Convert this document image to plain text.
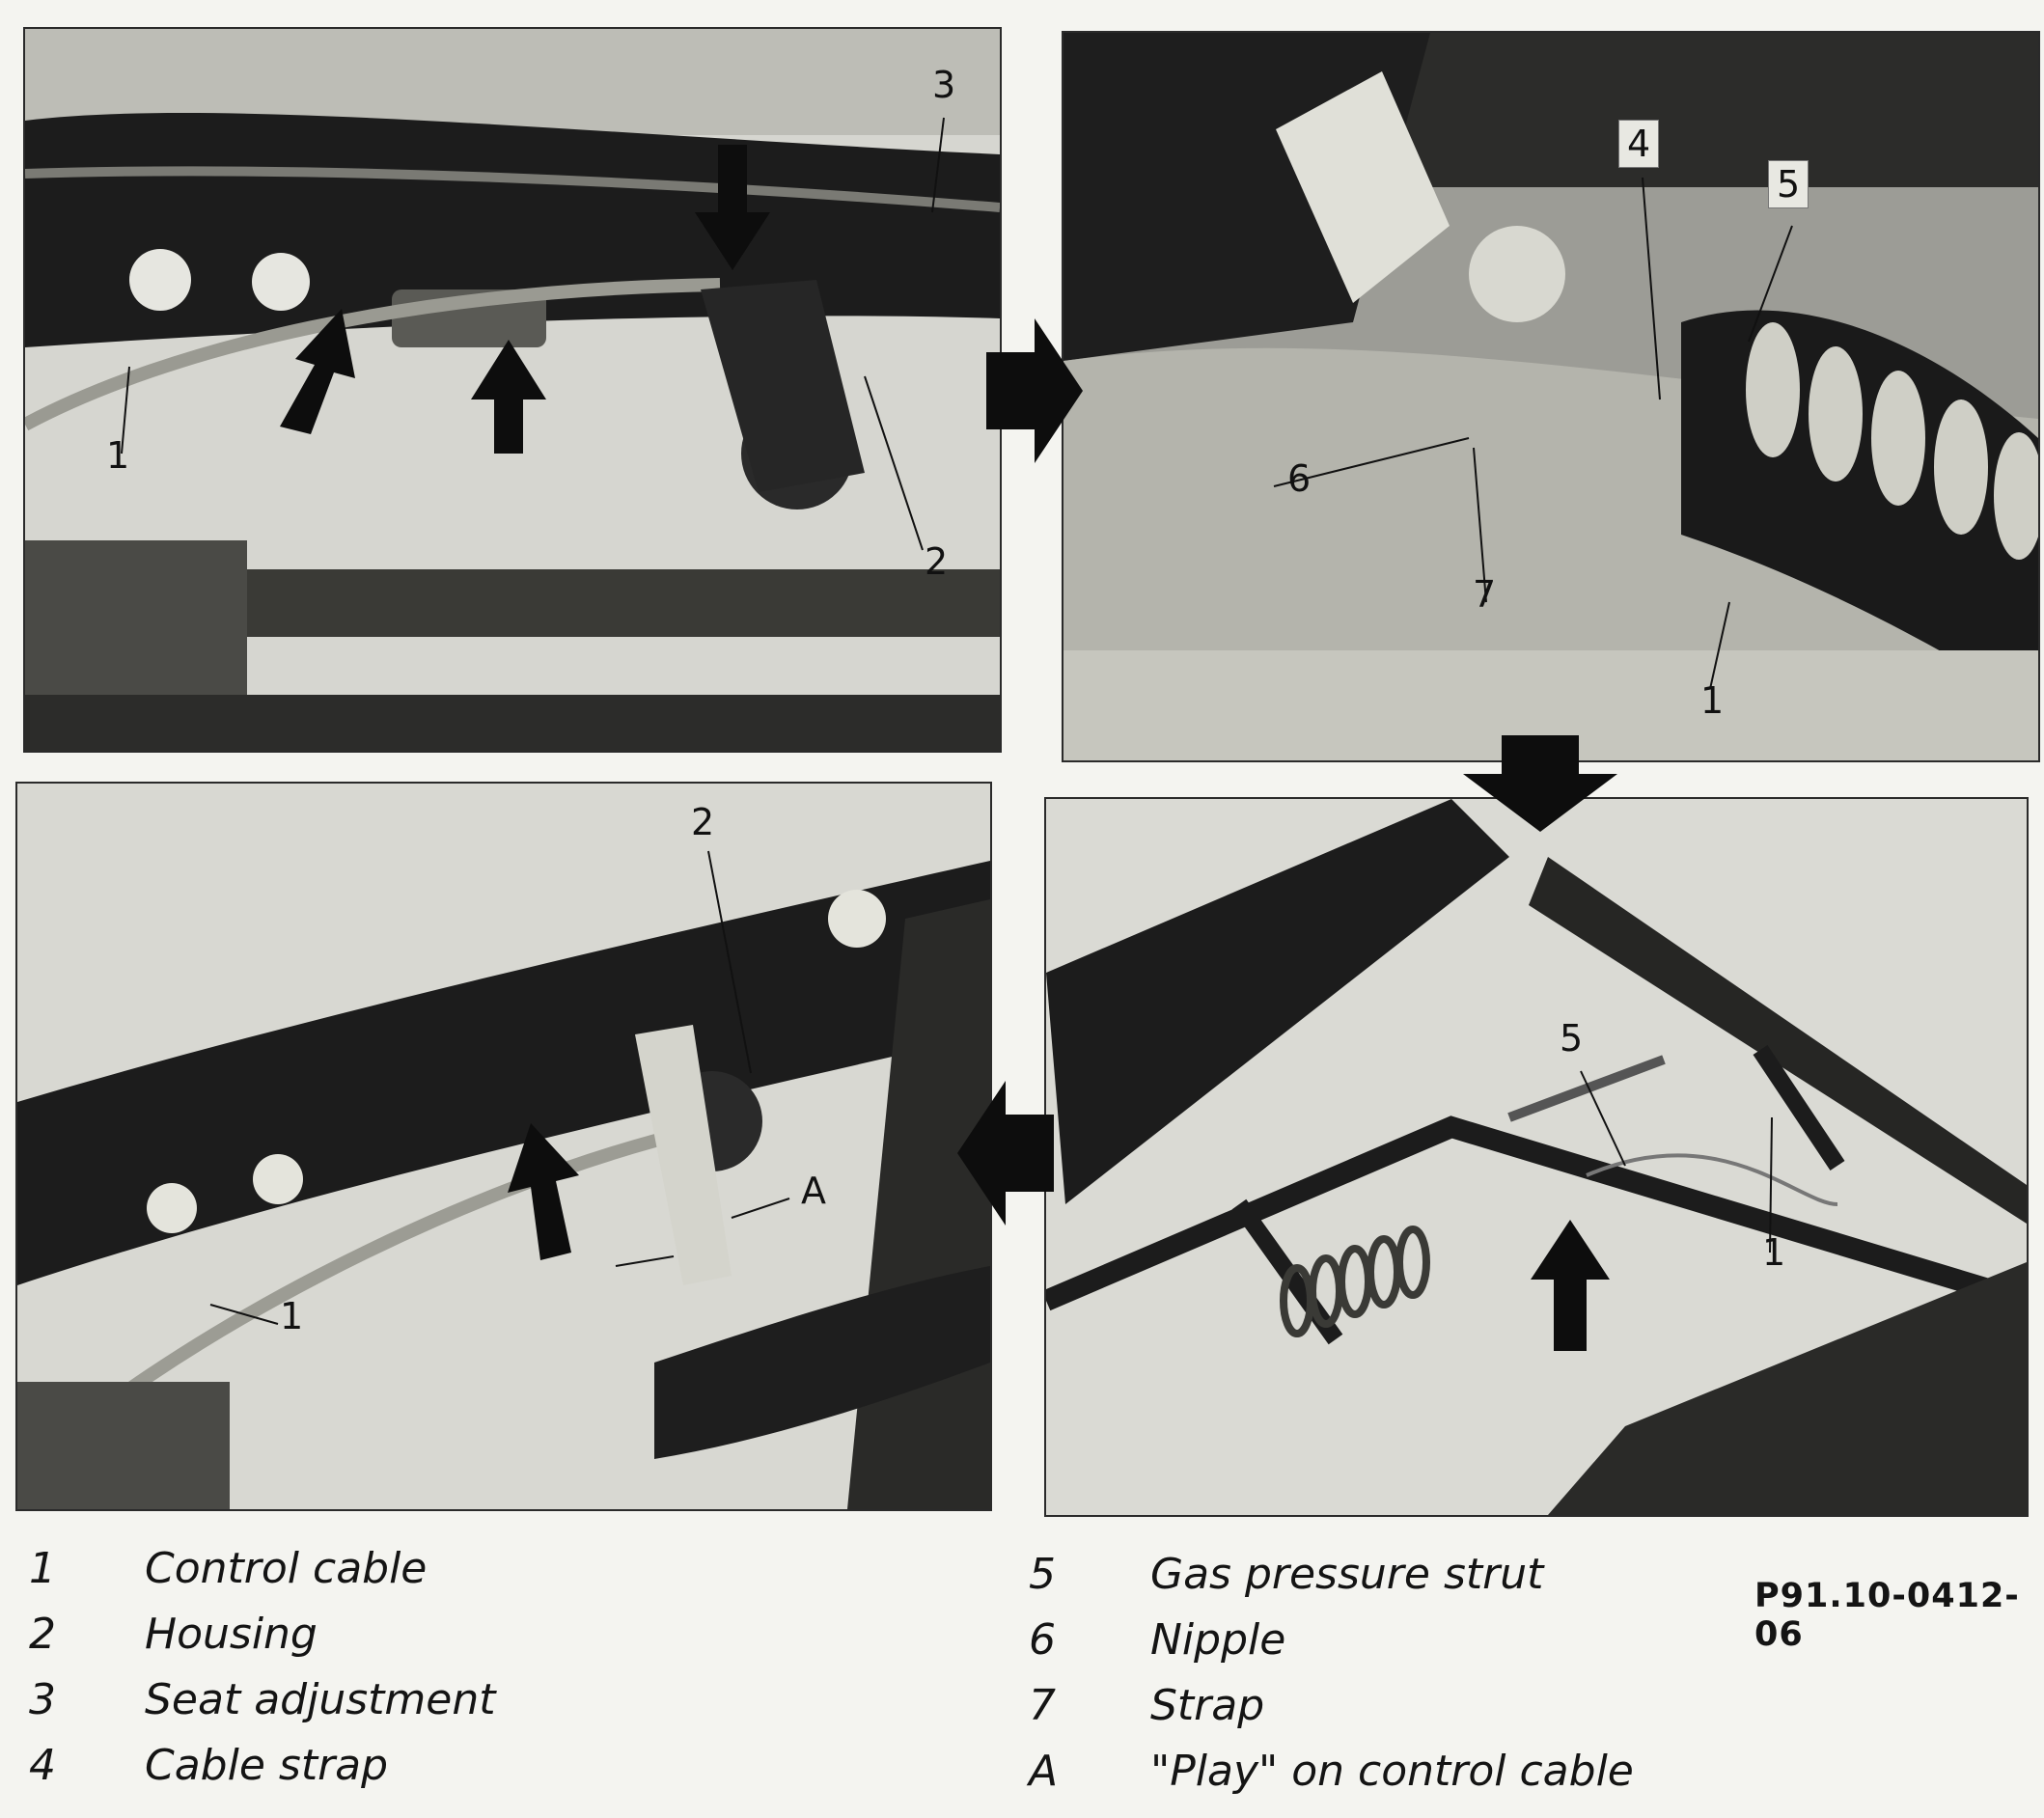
3
1
2
4
5
6
7
1
2
A
1
5
1
1 Control cable
2 Housing
3 Seat adjustment
4 Cable strap
5 Gas pressure strut
6 Nipple
7 Strap
A "Play" on control cable
P91.10-0412-06
